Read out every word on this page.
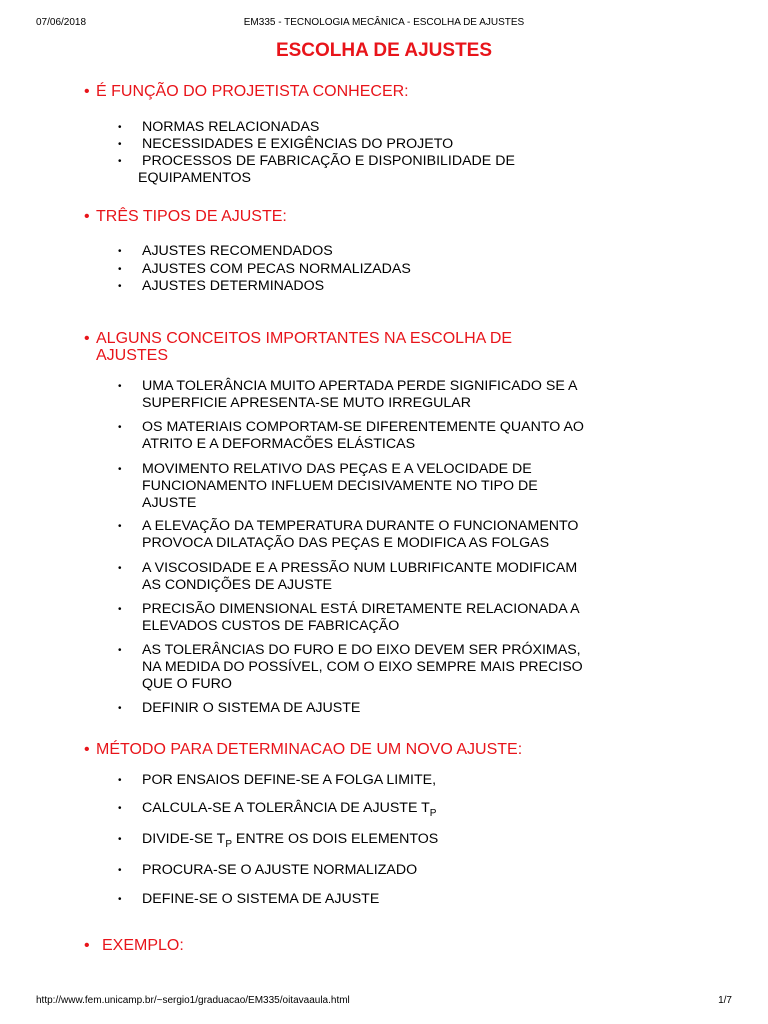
07/06/2018	EM335 - TECNOLOGIA MECÂNICA - ESCOLHA DE AJUSTES
ESCOLHA DE AJUSTES
• É FUNÇÃO DO PROJETISTA CONHECER:
•	NORMAS RELACIONADAS
•	NECESSIDADES E EXIGÊNCIAS DO PROJETO
•	PROCESSOS DE FABRICAÇÃO E DISPONIBILIDADE DE
EQUIPAMENTOS
• TRÊS TIPOS DE AJUSTE:
•	AJUSTES RECOMENDADOS
•	AJUSTES COM PECAS NORMALIZADAS
•	AJUSTES DETERMINADOS
• ALGUNS CONCEITOS IMPORTANTES NA ESCOLHA DE
AJUSTES
•	UMA TOLERÂNCIA MUITO APERTADA PERDE SIGNIFICADO SE A
SUPERFICIE APRESENTA-SE MUTO IRREGULAR
•	OS MATERIAIS COMPORTAM-SE DIFERENTEMENTE QUANTO AO
ATRITO E A DEFORMACÕES ELÁSTICAS
•	MOVIMENTO RELATIVO DAS PEÇAS E A VELOCIDADE DE
FUNCIONAMENTO INFLUEM DECISIVAMENTE NO TIPO DE
AJUSTE
•	A ELEVAÇÃO DA TEMPERATURA DURANTE O FUNCIONAMENTO
PROVOCA DILATAÇÃO DAS PEÇAS E MODIFICA AS FOLGAS
•	A VISCOSIDADE E A PRESSÃO NUM LUBRIFICANTE MODIFICAM
AS CONDIÇÕES DE AJUSTE
•	PRECISÃO DIMENSIONAL ESTÁ DIRETAMENTE RELACIONADA A
ELEVADOS CUSTOS DE FABRICAÇÃO
•	AS TOLERÂNCIAS DO FURO E DO EIXO DEVEM SER PRÓXIMAS,
NA MEDIDA DO POSSÍVEL, COM O EIXO SEMPRE MAIS PRECISO
QUE O FURO
•	DEFINIR O SISTEMA DE AJUSTE
• MÉTODO PARA DETERMINACAO DE UM NOVO AJUSTE:
•	POR ENSAIOS DEFINE-SE A FOLGA LIMITE,
•	CALCULA-SE A TOLERÂNCIA DE AJUSTE $T_P$
•	DIVIDE-SE $T_P$ ENTRE OS DOIS ELEMENTOS
•	PROCURA-SE O AJUSTE NORMALIZADO
•	DEFINE-SE O SISTEMA DE AJUSTE
• EXEMPLO:
http://www.fem.unicamp.br/~sergio1/graduacao/EM335/oitavaaula.html	1/7
